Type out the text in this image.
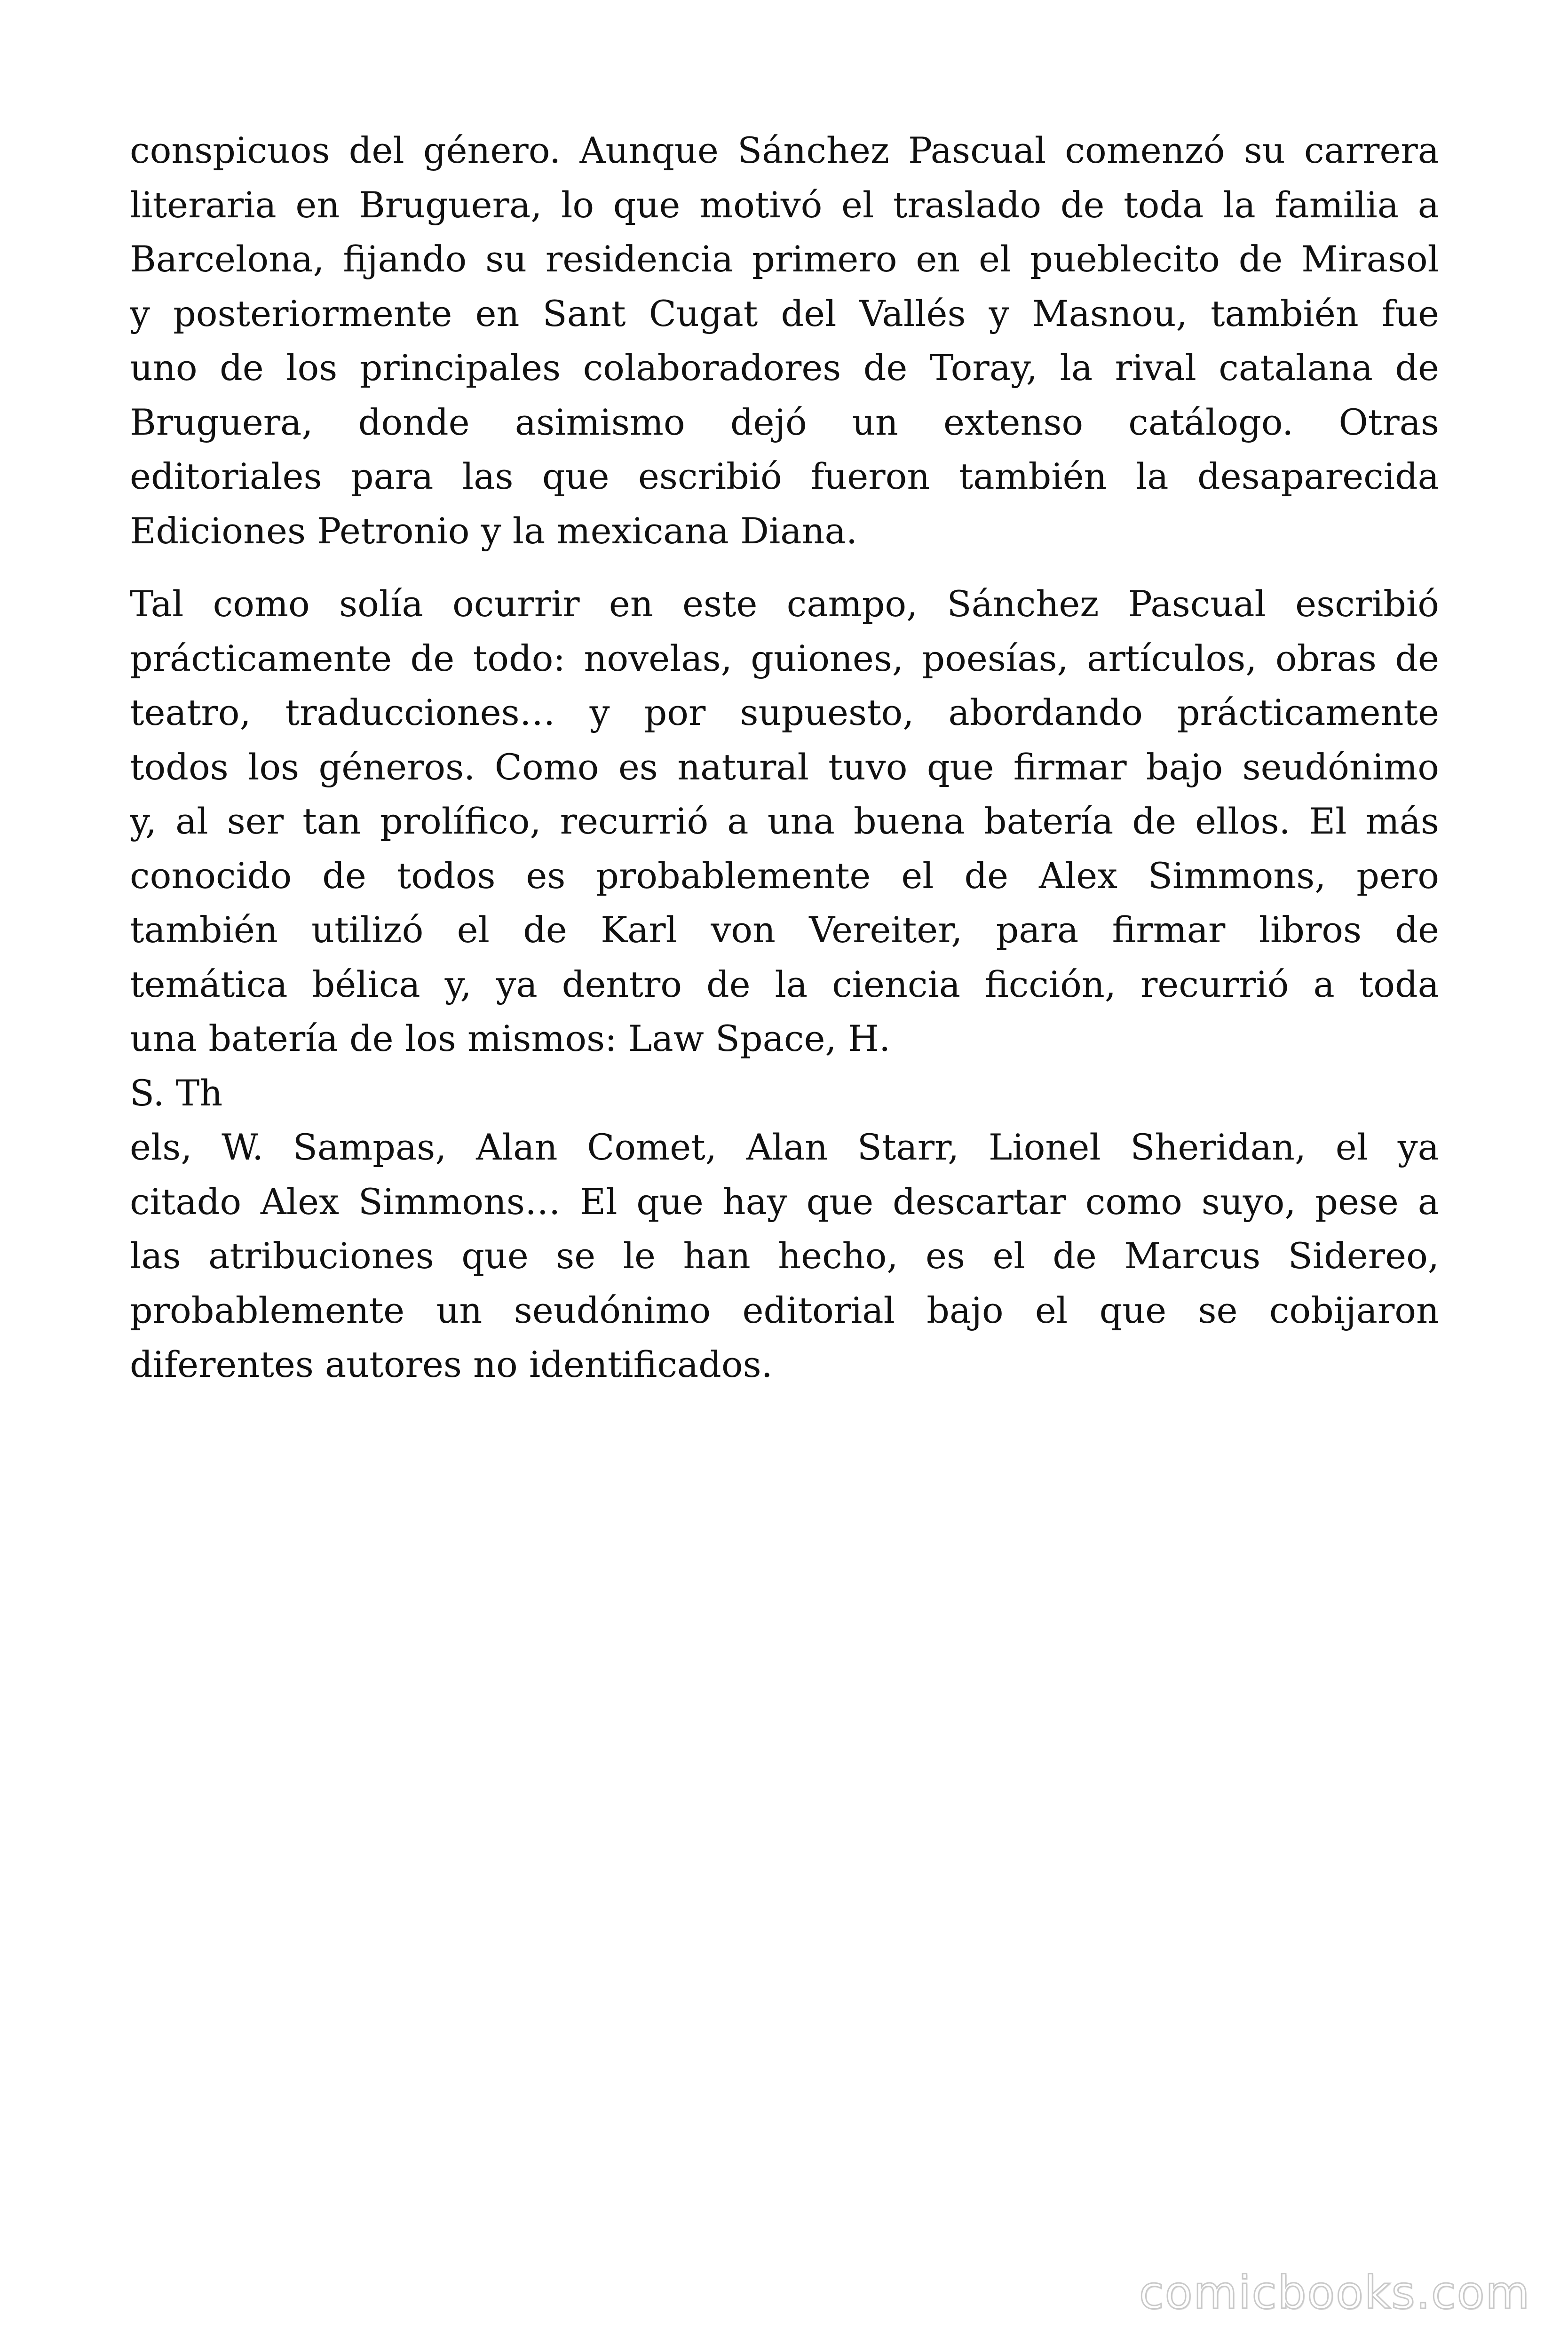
conspicuos del género. Aunque Sánchez Pascual comenzó su carrera
literaria en Bruguera, lo que motivó el traslado de toda la familia a
Barcelona, fijando su residencia primero en el pueblecito de Mirasol
y posteriormente en Sant Cugat del Vallés y Masnou, también fue
uno de los principales colaboradores de Toray, la rival catalana de
Bruguera, donde asimismo dejó un extenso catálogo. Otras
editoriales para las que escribió fueron también la desaparecida
Ediciones Petronio y la mexicana Diana.
Tal como solía ocurrir en este campo, Sánchez Pascual escribió
prácticamente de todo: novelas, guiones, poesías, artículos, obras de
teatro, traducciones… y por supuesto, abordando prácticamente
todos los géneros. Como es natural tuvo que firmar bajo seudónimo
y, al ser tan prolífico, recurrió a una buena batería de ellos. El más
conocido de todos es probablemente el de Alex Simmons, pero
también utilizó el de Karl von Vereiter, para firmar libros de
temática bélica y, ya dentro de la ciencia ficción, recurrió a toda
una batería de los mismos: Law Space, H.
S. Th
els, W. Sampas, Alan Comet, Alan Starr, Lionel Sheridan, el ya
citado Alex Simmons… El que hay que descartar como suyo, pese a
las atribuciones que se le han hecho, es el de Marcus Sidereo,
probablemente un seudónimo editorial bajo el que se cobijaron
diferentes autores no identificados.
comicbooks.com
